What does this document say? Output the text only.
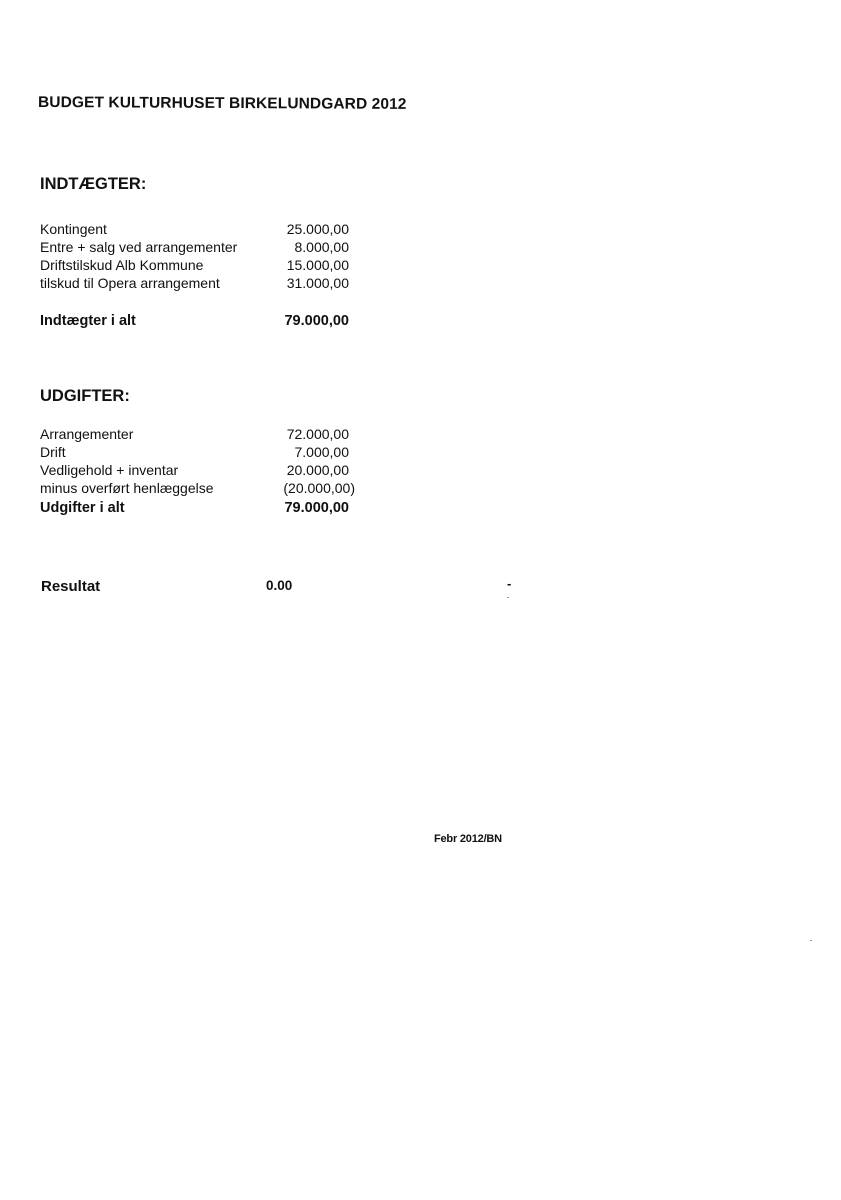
BUDGET KULTURHUSET BIRKELUNDGARD 2012
INDTÆGTER:
Kontingent	25.000,00
Entre + salg ved arrangementer	8.000,00
Driftstilskud Alb Kommune	15.000,00
tilskud til Opera arrangement	31.000,00
Indtægter i alt	79.000,00
UDGIFTER:
Arrangementer	72.000,00
Drift	7.000,00
Vedligehold + inventar	20.000,00
minus overført henlæggelse	(20.000,00)
Udgifter i alt	79.000,00
Resultat	0.00	-
Febr 2012/BN
